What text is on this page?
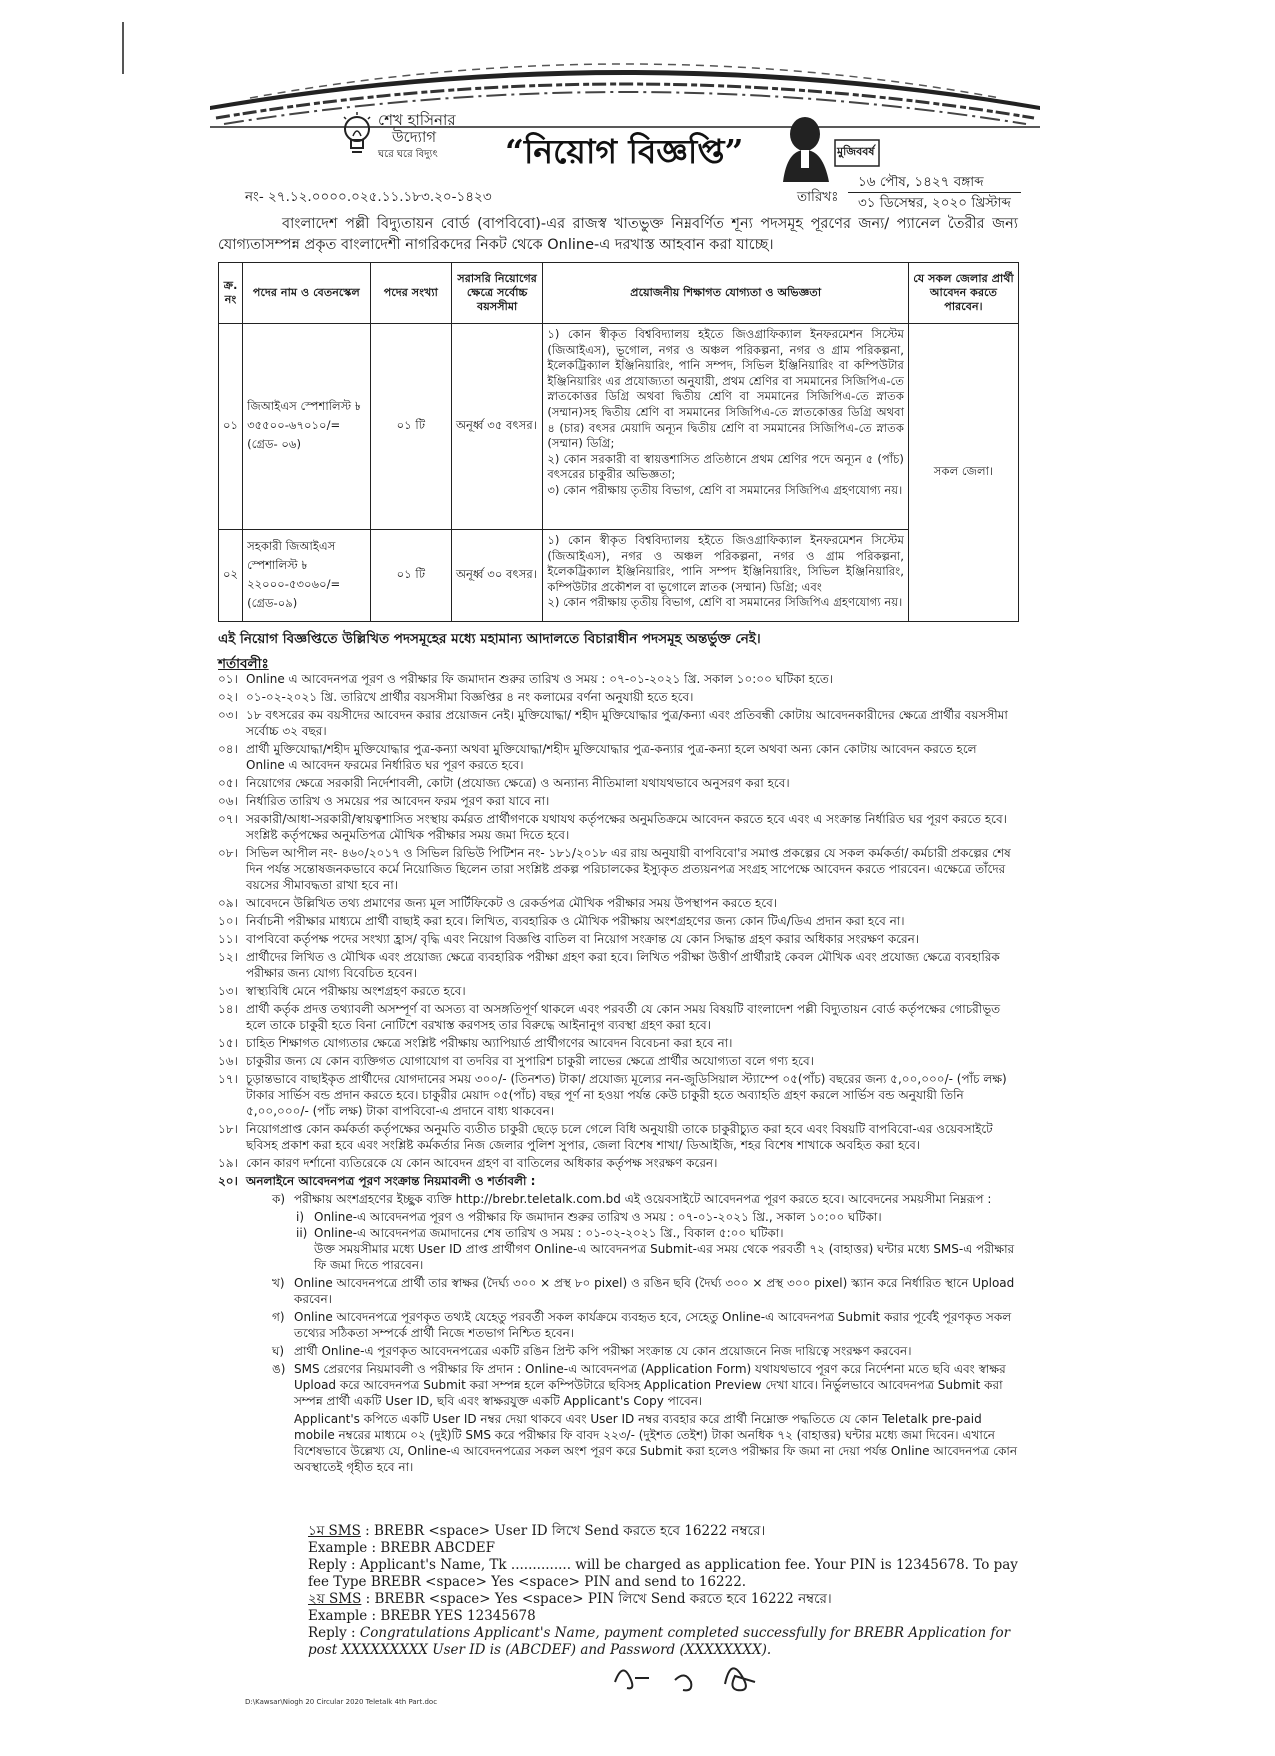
শেখ হাসিনার
উদ্যোগ
ঘরে ঘরে বিদ্যুৎ	“নিয়োগ বিজ্ঞপ্তি”	মুজিববর্ষ
নং- ২৭.১২.০০০০.০২৫.১১.১৮৩.২০-১৪২৩	তারিখঃ
১৬ পৌষ, ১৪২৭ বঙ্গাব্দ
৩১ ডিসেম্বর, ২০২০ খ্রিস্টাব্দ
বাংলাদেশ পল্লী বিদ্যুতায়ন বোর্ড (বাপবিবো)-এর রাজস্ব খাতভুক্ত নিম্নবর্ণিত শূন্য পদসমূহ পূরণের জন্য/ প্যানেল তৈরীর জন্য যোগ্যতাসম্পন্ন প্রকৃত বাংলাদেশী নাগরিকদের নিকট থেকে Online-এ দরখাস্ত আহবান করা যাচ্ছে।
ক্র. নং	পদের নাম ও বেতনস্কেল	পদের সংখ্যা	সরাসরি নিয়োগের ক্ষেত্রে সর্বোচ্চ বয়সসীমা	প্রয়োজনীয় শিক্ষাগত যোগ্যতা ও অভিজ্ঞতা	যে সকল জেলার প্রার্থী আবেদন করতে পারবেন।
০১	জিআইএস স্পেশালিস্ট ৳ ৩৫৫০০-৬৭০১০/= (গ্রেড- ০৬)	০১ টি	অনূর্ধ্ব ৩৫ বৎসর।	১) কোন স্বীকৃত বিশ্ববিদ্যালয় হইতে জিওগ্রাফিক্যাল ইনফরমেশন সিস্টেম (জিআইএস), ভূগোল, নগর ও অঞ্চল পরিকল্পনা, নগর ও গ্রাম পরিকল্পনা, ইলেকট্রিক্যাল ইঞ্জিনিয়ারিং, পানি সম্পদ, সিভিল ইঞ্জিনিয়ারিং বা কম্পিউটার ইঞ্জিনিয়ারিং এর প্রযোজ্যতা অনুযায়ী, প্রথম শ্রেণির বা সমমানের সিজিপিএ-তে স্নাতকোত্তর ডিগ্রি অথবা দ্বিতীয় শ্রেণি বা সমমানের সিজিপিএ-তে স্নাতক (সম্মান)সহ দ্বিতীয় শ্রেণি বা সমমানের সিজিপিএ-তে স্নাতকোত্তর ডিগ্রি অথবা ৪ (চার) বৎসর মেয়াদি অন্যূন দ্বিতীয় শ্রেণি বা সমমানের সিজিপিএ-তে স্নাতক (সম্মান) ডিগ্রি;

২) কোন সরকারী বা স্বায়ত্তশাসিত প্রতিষ্ঠানে প্রথম শ্রেণির পদে অন্যূন ৫ (পাঁচ) বৎসরের চাকুরীর অভিজ্ঞতা;

৩) কোন পরীক্ষায় তৃতীয় বিভাগ, শ্রেণি বা সমমানের সিজিপিএ গ্রহণযোগ্য নয়।	সকল জেলা।
০২	সহকারী জিআইএস স্পেশালিস্ট ৳ ২২০০০-৫৩০৬০/= (গ্রেড-০৯)	০১ টি	অনূর্ধ্ব ৩০ বৎসর।	১) কোন স্বীকৃত বিশ্ববিদ্যালয় হইতে জিওগ্রাফিক্যাল ইনফরমেশন সিস্টেম (জিআইএস), নগর ও অঞ্চল পরিকল্পনা, নগর ও গ্রাম পরিকল্পনা, ইলেকট্রিক্যাল ইঞ্জিনিয়ারিং, পানি সম্পদ ইঞ্জিনিয়ারিং, সিভিল ইঞ্জিনিয়ারিং, কম্পিউটার প্রকৌশল বা ভূগোলে স্নাতক (সম্মান) ডিগ্রি; এবং

২) কোন পরীক্ষায় তৃতীয় বিভাগ, শ্রেণি বা সমমানের সিজিপিএ গ্রহণযোগ্য নয়।	

এই নিয়োগ বিজ্ঞপ্তিতে উল্লিখিত পদসমূহের মধ্যে মহামান্য আদালতে বিচারাধীন পদসমূহ অন্তর্ভুক্ত নেই।
শর্তাবলীঃ
০১। Online এ আবেদনপত্র পূরণ ও পরীক্ষার ফি জমাদান শুরুর তারিখ ও সময় : ০৭-০১-২০২১ খ্রি. সকাল ১০:০০ ঘটিকা হতে।
০২। ০১-০২-২০২১ খ্রি. তারিখে প্রার্থীর বয়সসীমা বিজ্ঞপ্তির ৪ নং কলামের বর্ণনা অনুযায়ী হতে হবে।
০৩। ১৮ বৎসরের কম বয়সীদের আবেদন করার প্রয়োজন নেই। মুক্তিযোদ্ধা/ শহীদ মুক্তিযোদ্ধার পুত্র/কন্যা এবং প্রতিবন্ধী কোটায় আবেদনকারীদের ক্ষেত্রে প্রার্থীর বয়সসীমা সর্বোচ্চ ৩২ বছর।
০৪। প্রার্থী মুক্তিযোদ্ধা/শহীদ মুক্তিযোদ্ধার পুত্র-কন্যা অথবা মুক্তিযোদ্ধা/শহীদ মুক্তিযোদ্ধার পুত্র-কন্যার পুত্র-কন্যা হলে অথবা অন্য কোন কোটায় আবেদন করতে হলে Online এ আবেদন ফরমের নির্ধারিত ঘর পূরণ করতে হবে।
০৫। নিয়োগের ক্ষেত্রে সরকারী নির্দেশাবলী, কোটা (প্রযোজ্য ক্ষেত্রে) ও অন্যান্য নীতিমালা যথাযথভাবে অনুসরণ করা হবে।
০৬। নির্ধারিত তারিখ ও সময়ের পর আবেদন ফরম পূরণ করা যাবে না।
০৭। সরকারী/আধা-সরকারী/স্বায়ত্বশাসিত সংস্থায় কর্মরত প্রার্থীগণকে যথাযথ কর্তৃপক্ষের অনুমতিক্রমে আবেদন করতে হবে এবং এ সংক্রান্ত নির্ধারিত ঘর পূরণ করতে হবে। সংশ্লিষ্ট কর্তৃপক্ষের অনুমতিপত্র মৌখিক পরীক্ষার সময় জমা দিতে হবে।
০৮। সিভিল আপীল নং- ৪৬০/২০১৭ ও সিভিল রিভিউ পিটিশন নং- ১৮১/২০১৮ এর রায় অনুযায়ী বাপবিবো'র সমাপ্ত প্রকল্পের যে সকল কর্মকর্তা/ কর্মচারী প্রকল্পের শেষ দিন পর্যন্ত সন্তোষজনকভাবে কর্মে নিয়োজিত ছিলেন তারা সংশ্লিষ্ট প্রকল্প পরিচালকের ইস্যুকৃত প্রত্যয়নপত্র সংগ্রহ সাপেক্ষে আবেদন করতে পারবেন। এক্ষেত্রে তাঁদের বয়সের সীমাবদ্ধতা রাখা হবে না।
০৯। আবেদনে উল্লিখিত তথ্য প্রমাণের জন্য মূল সার্টিফিকেট ও রেকর্ডপত্র মৌখিক পরীক্ষার সময় উপস্থাপন করতে হবে।
১০। নির্বাচনী পরীক্ষার মাধ্যমে প্রার্থী বাছাই করা হবে। লিখিত, ব্যবহারিক ও মৌখিক পরীক্ষায় অংশগ্রহণের জন্য কোন টিএ/ডিএ প্রদান করা হবে না।
১১। বাপবিবো কর্তৃপক্ষ পদের সংখ্যা হ্রাস/ বৃদ্ধি এবং নিয়োগ বিজ্ঞপ্তি বাতিল বা নিয়োগ সংক্রান্ত যে কোন সিদ্ধান্ত গ্রহণ করার অধিকার সংরক্ষণ করেন।
১২। প্রার্থীদের লিখিত ও মৌখিক এবং প্রয়োজ্য ক্ষেত্রে ব্যবহারিক পরীক্ষা গ্রহণ করা হবে। লিখিত পরীক্ষা উত্তীর্ণ প্রার্থীরাই কেবল মৌখিক এবং প্রযোজ্য ক্ষেত্রে ব্যবহারিক পরীক্ষার জন্য যোগ্য বিবেচিত হবেন।
১৩। স্বাস্থ্যবিধি মেনে পরীক্ষায় অংশগ্রহণ করতে হবে।
১৪। প্রার্থী কর্তৃক প্রদত্ত তথ্যাবলী অসম্পূর্ণ বা অসত্য বা অসঙ্গতিপূর্ণ থাকলে এবং পরবর্তী যে কোন সময় বিষয়টি বাংলাদেশ পল্লী বিদ্যুতায়ন বোর্ড কর্তৃপক্ষের গোচরীভূত হলে তাকে চাকুরী হতে বিনা নোটিশে বরখাস্ত করণসহ তার বিরুদ্ধে আইনানুগ ব্যবস্থা গ্রহণ করা হবে।
১৫। চাহিত শিক্ষাগত যোগ্যতার ক্ষেত্রে সংশ্লিষ্ট পরীক্ষায় অ্যাপিয়ার্ড প্রার্থীগণের আবেদন বিবেচনা করা হবে না।
১৬। চাকুরীর জন্য যে কোন ব্যক্তিগত যোগাযোগ বা তদবির বা সুপারিশ চাকুরী লাভের ক্ষেত্রে প্রার্থীর অযোগ্যতা বলে গণ্য হবে।
১৭। চূড়ান্তভাবে বাছাইকৃত প্রার্থীদের যোগদানের সময় ৩০০/- (তিনশত) টাকা/ প্রযোজ্য মূল্যের নন-জুডিসিয়াল স্ট্যাম্পে ০৫(পাঁচ) বছরের জন্য ৫,০০,০০০/- (পাঁচ লক্ষ) টাকার সার্ভিস বন্ড প্রদান করতে হবে। চাকুরীর মেয়াদ ০৫(পাঁচ) বছর পূর্ণ না হওয়া পর্যন্ত কেউ চাকুরী হতে অব্যাহতি গ্রহণ করলে সার্ভিস বন্ড অনুযায়ী তিনি ৫,০০,০০০/- (পাঁচ লক্ষ) টাকা বাপবিবো-এ প্রদানে বাধ্য থাকবেন।
১৮। নিয়োগপ্রাপ্ত কোন কর্মকর্তা কর্তৃপক্ষের অনুমতি ব্যতীত চাকুরী ছেড়ে চলে গেলে বিধি অনুযায়ী তাকে চাকুরীচ্যুত করা হবে এবং বিষয়টি বাপবিবো-এর ওয়েবসাইটে ছবিসহ প্রকাশ করা হবে এবং সংশ্লিষ্ট কর্মকর্তার নিজ জেলার পুলিশ সুপার, জেলা বিশেষ শাখা/ ডিআইজি, শহর বিশেষ শাখাকে অবহিত করা হবে।
১৯। কোন কারণ দর্শানো ব্যতিরেকে যে কোন আবেদন গ্রহণ বা বাতিলের অধিকার কর্তৃপক্ষ সংরক্ষণ করেন।
২০। অনলাইনে আবেদনপত্র পূরণ সংক্রান্ত নিয়মাবলী ও শর্তাবলী :
ক) পরীক্ষায় অংশগ্রহণের ইচ্ছুক ব্যক্তি http://brebr.teletalk.com.bd এই ওয়েবসাইটে আবেদনপত্র পূরণ করতে হবে। আবেদনের সময়সীমা নিম্নরূপ :
i) Online-এ আবেদনপত্র পূরণ ও পরীক্ষার ফি জমাদান শুরুর তারিখ ও সময় : ০৭-০১-২০২১ খ্রি., সকাল ১০:০০ ঘটিকা।
ii) Online-এ আবেদনপত্র জমাদানের শেষ তারিখ ও সময় : ০১-০২-২০২১ খ্রি., বিকাল ৫:০০ ঘটিকা।
উক্ত সময়সীমার মধ্যে User ID প্রাপ্ত প্রার্থীগণ Online-এ আবেদনপত্র Submit-এর সময় থেকে পরবর্তী ৭২ (বাহাত্তর) ঘন্টার মধ্যে SMS-এ পরীক্ষার ফি জমা দিতে পারবেন।
খ) Online আবেদনপত্রে প্রার্থী তার স্বাক্ষর (দৈর্ঘ্য ৩০০ × প্রস্থ ৮০ pixel) ও রঙিন ছবি (দৈর্ঘ্য ৩০০ × প্রস্থ ৩০০ pixel) স্ক্যান করে নির্ধারিত স্থানে Upload করবেন।
গ) Online আবেদনপত্রে পূরণকৃত তথ্যই যেহেতু পরবর্তী সকল কার্যক্রমে ব্যবহৃত হবে, সেহেতু Online-এ আবেদনপত্র Submit করার পূর্বেই পূরণকৃত সকল তথ্যের সঠিকতা সম্পর্কে প্রার্থী নিজে শতভাগ নিশ্চিত হবেন।
ঘ) প্রার্থী Online-এ পূরণকৃত আবেদনপত্রের একটি রঙিন প্রিন্ট কপি পরীক্ষা সংক্রান্ত যে কোন প্রয়োজনে নিজ দায়িত্বে সংরক্ষণ করবেন।
ঙ) SMS প্রেরণের নিয়মাবলী ও পরীক্ষার ফি প্রদান : Online-এ আবেদনপত্র (Application Form) যথাযথভাবে পূরণ করে নির্দেশনা মতে ছবি এবং স্বাক্ষর Upload করে আবেদনপত্র Submit করা সম্পন্ন হলে কম্পিউটারে ছবিসহ Application Preview দেখা যাবে। নির্ভুলভাবে আবেদনপত্র Submit করা সম্পন্ন প্রার্থী একটি User ID, ছবি এবং স্বাক্ষরযুক্ত একটি Applicant's Copy পাবেন।
Applicant's কপিতে একটি User ID নম্বর দেয়া থাকবে এবং User ID নম্বর ব্যবহার করে প্রার্থী নিম্নোক্ত পদ্ধতিতে যে কোন Teletalk pre-paid mobile নম্বরের মাধ্যমে ০২ (দুই)টি SMS করে পরীক্ষার ফি বাবদ ২২৩/- (দুইশত তেইশ) টাকা অনধিক ৭২ (বাহাত্তর) ঘন্টার মধ্যে জমা দিবেন। এখানে বিশেষভাবে উল্লেখ্য যে, Online-এ আবেদনপত্রের সকল অংশ পূরণ করে Submit করা হলেও পরীক্ষার ফি জমা না দেয়া পর্যন্ত Online আবেদনপত্র কোন অবস্থাতেই গৃহীত হবে না।
১ম SMS : BREBR <space> User ID লিখে Send করতে হবে 16222 নম্বরে।
Example : BREBR ABCDEF
Reply : Applicant's Name, Tk .............. will be charged as application fee. Your PIN is 12345678. To pay fee Type BREBR <space> Yes <space> PIN and send to 16222.
২য় SMS : BREBR <space> Yes <space> PIN লিখে Send করতে হবে 16222 নম্বরে।
Example : BREBR YES 12345678
Reply : Congratulations Applicant's Name, payment completed successfully for BREBR Application for post XXXXXXXXX User ID is (ABCDEF) and Password (XXXXXXXX).
D:\Kawsar\Niogh 20 Circular 2020 Teletalk 4th Part.doc
